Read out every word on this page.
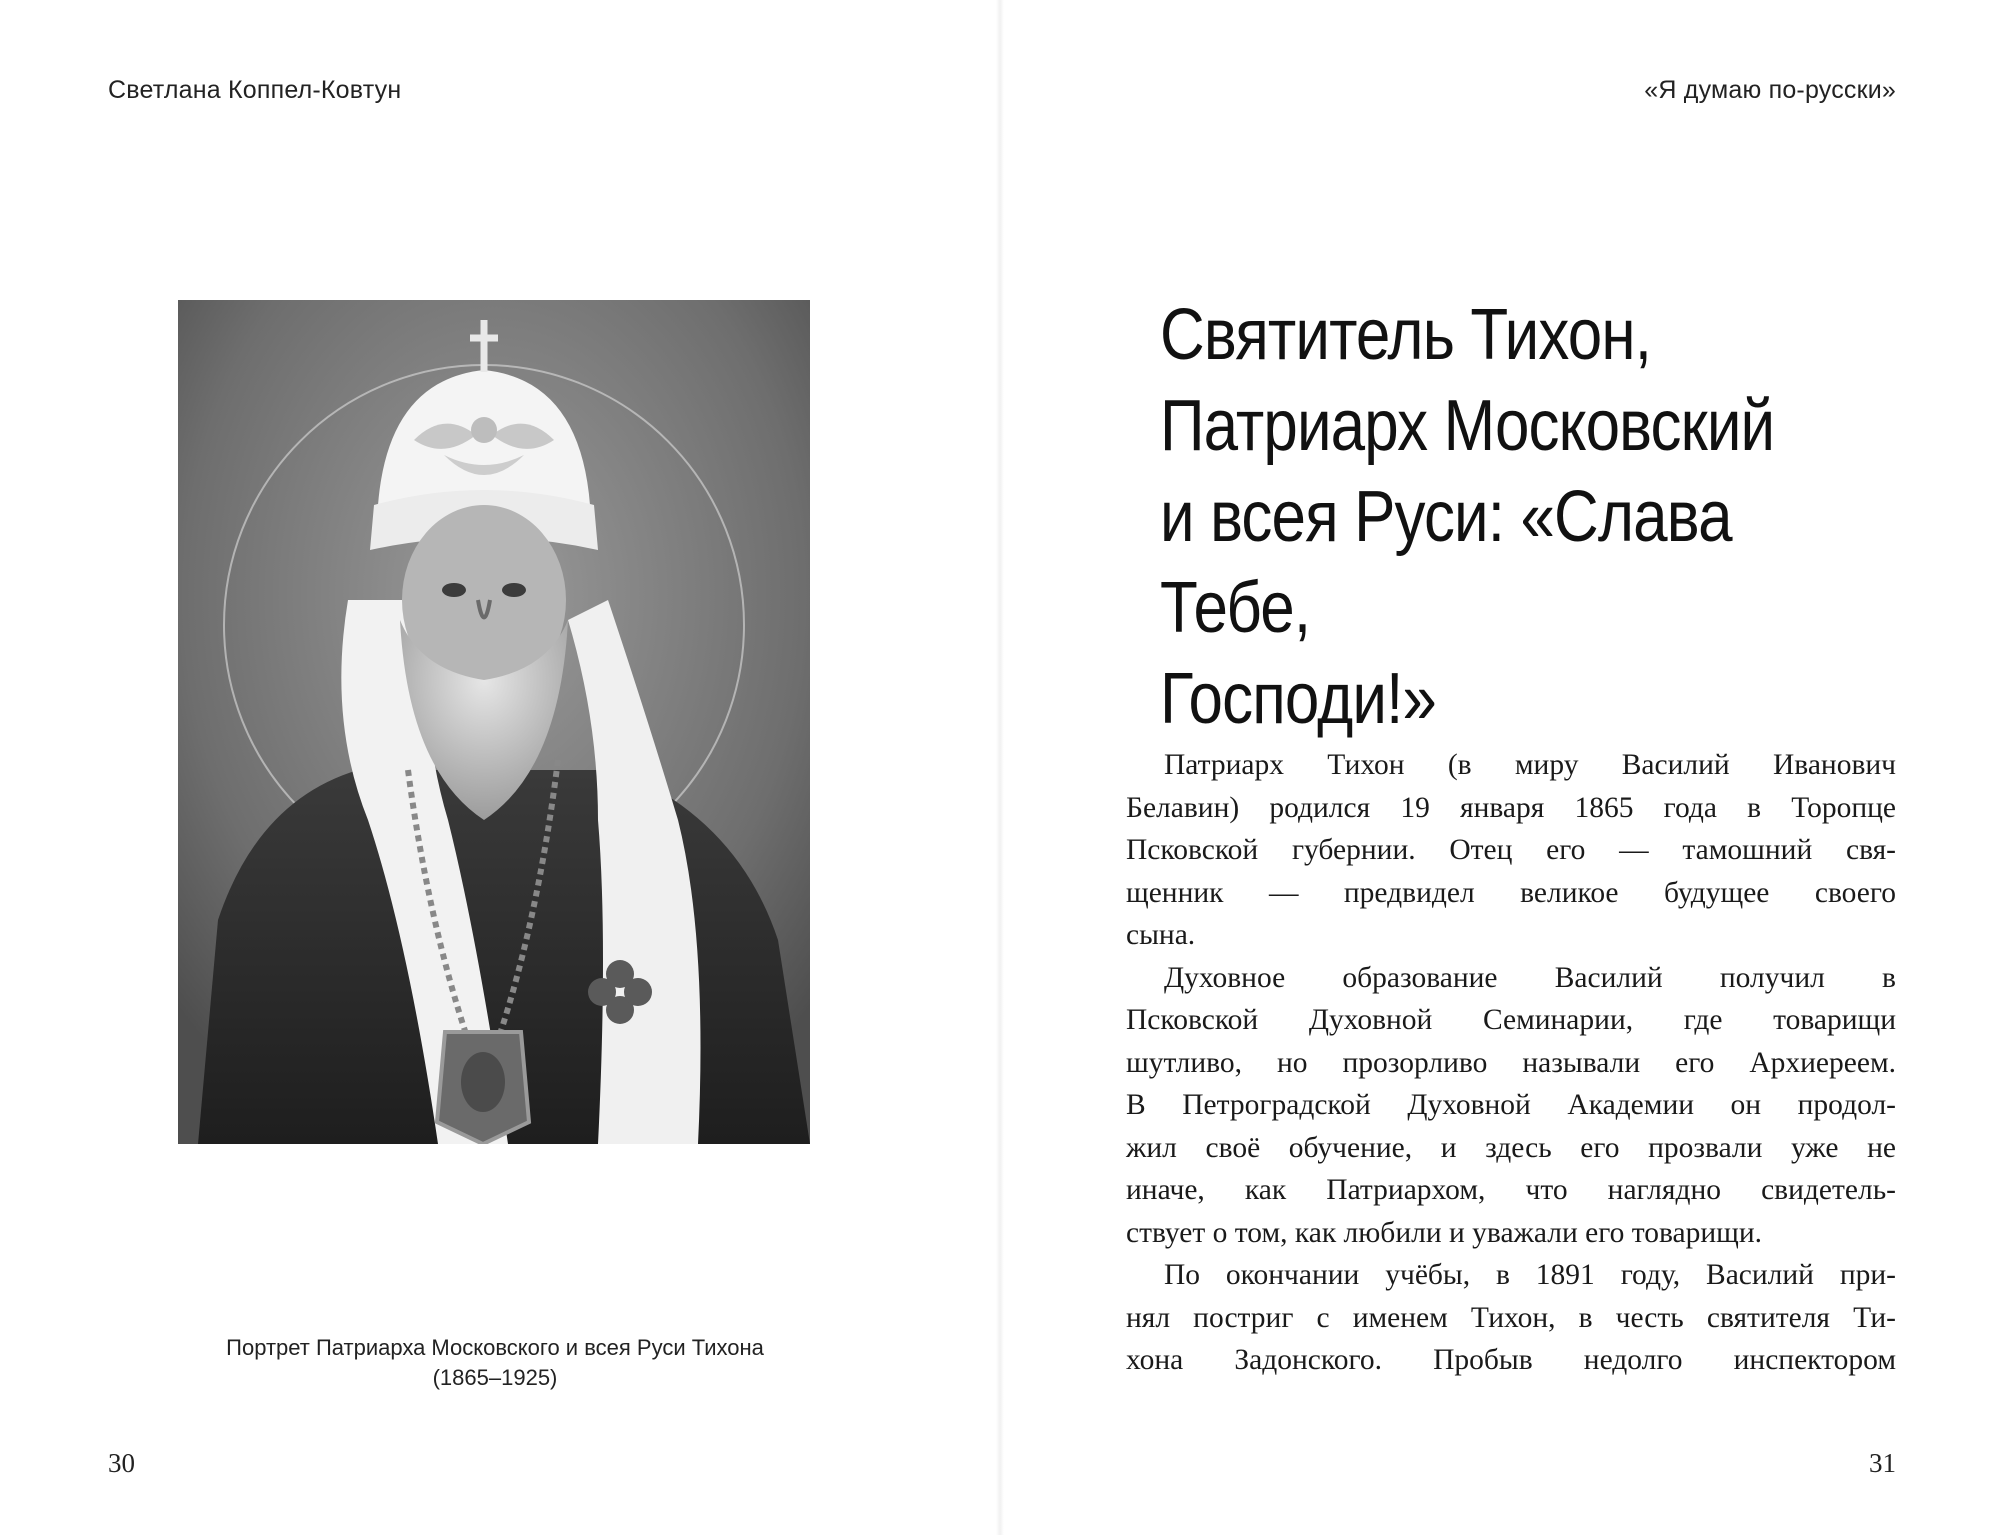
Светлана Коппел-Ковтун
Портрет Патриарха Московского и всея Руси Тихона
(1865–1925)
30
«Я думаю по-русски»
Святитель Тихон,
Патриарх Московский
и всея Руси: «Слава Тебе,
Господи!»
Патриарх Тихон (в миру Василий Иванович
Белавин) родился 19 января 1865 года в Торопце
Псковской губернии. Отец его — тамошний свя-
щенник — предвидел великое будущее своего
сына.
Духовное образование Василий получил в
Псковской Духовной Семинарии, где товарищи
шутливо, но прозорливо называли его Архиереем.
В Петроградской Духовной Академии он продол-
жил своё обучение, и здесь его прозвали уже не
иначе, как Патриархом, что наглядно свидетель-
ствует о том, как любили и уважали его товарищи.
По окончании учёбы, в 1891 году, Василий при-
нял постриг с именем Тихон, в честь святителя Ти-
хона Задонского. Пробыв недолго инспектором
31
